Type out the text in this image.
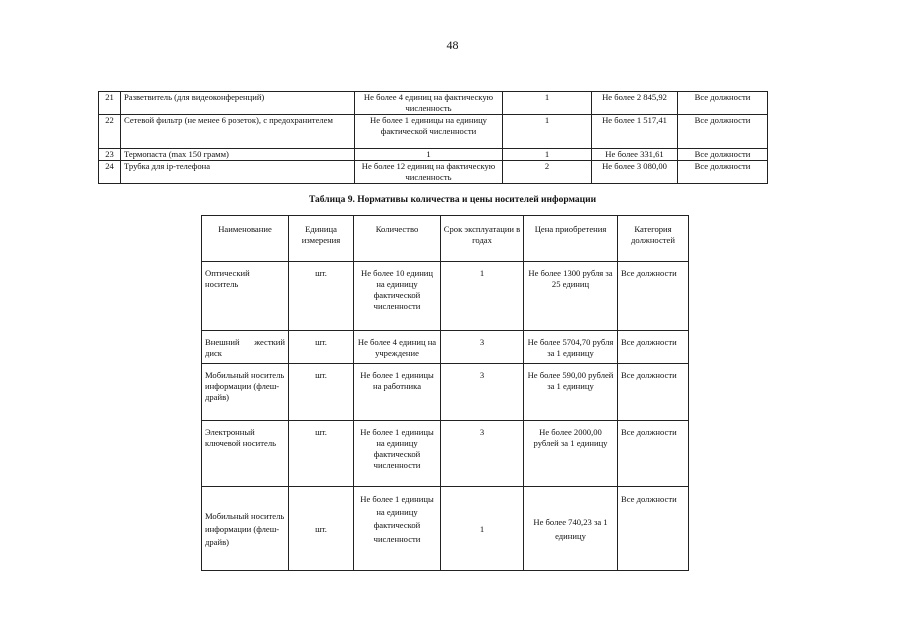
48
21	Разветвитель (для видеоконференций)	Не более 4 единиц на фактическую численность	1	Не более 2 845,92	Все должности
22	Сетевой фильтр (не менее 6 розеток), с предохранителем	Не более 1 единицы на единицу фактической численности	1	Не более 1 517,41	Все должности
23	Термопаста (max 150 грамм)	1	1	Не более 331,61	Все должности
24	Трубка для ip-телефона	Не более 12 единиц на фактическую численность	2	Не более 3 080,00	Все должности
Таблица 9. Нормативы количества и цены носителей информации
Наименование	Единица измерения	Количество	Срок эксплуатации в годах	Цена приобретения	Категория должностей
Оптический носитель	шт.	Не более 10 единиц на единицу фактической численности	1	Не более 1300 рубля за 25 единиц	Все должности
Внешний жесткий диск	шт.	Не более 4 единиц на учреждение	3	Не более 5704,70 рубля за 1 единицу	Все должности
Мобильный носитель информации (флеш-драйв)	шт.	Не более 1 единицы на работника	3	Не более 590,00 рублей за 1 единицу	Все должности
Электронный ключевой носитель	шт.	Не более 1 единицы на единицу фактической численности	3	Не более 2000,00 рублей за 1 единицу	Все должности
Мобильный носитель информации (флеш-драйв)	шт.	Не более 1 единицы на единицу фактической численности	1	Не более 740,23 за 1 единицу	Все должности
